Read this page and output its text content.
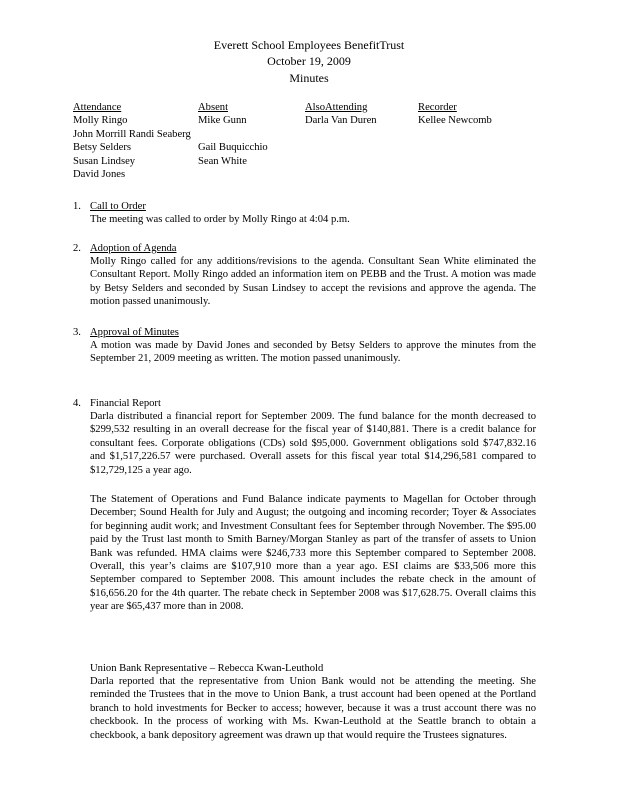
Everett School Employees BenefitTrust
October 19, 2009
Minutes
Attendance
Molly Ringo
John Morrill Randi Seaberg
Betsy Selders
Susan Lindsey
David Jones
Absent
Mike Gunn

Gail Buquicchio
Sean White
AlsoAttending
Darla Van Duren
Recorder
Kellee Newcomb
1. Call to Order
The meeting was called to order by Molly Ringo at 4:04 p.m.
2. Adoption of Agenda
Molly Ringo called for any additions/revisions to the agenda. Consultant Sean White eliminated the Consultant Report. Molly Ringo added an information item on PEBB and the Trust. A motion was made by Betsy Selders and seconded by Susan Lindsey to accept the revisions and approve the agenda. The motion passed unanimously.
3. Approval of Minutes
A motion was made by David Jones and seconded by Betsy Selders to approve the minutes from the September 21, 2009 meeting as written. The motion passed unanimously.
4. Financial Report
Darla distributed a financial report for September 2009. The fund balance for the month decreased to $299,532 resulting in an overall decrease for the fiscal year of $140,881. There is a credit balance for consultant fees. Corporate obligations (CDs) sold $95,000. Government obligations sold $747,832.16 and $1,517,226.57 were purchased. Overall assets for this fiscal year total $14,296,581 compared to $12,729,125 a year ago.
The Statement of Operations and Fund Balance indicate payments to Magellan for October through December; Sound Health for July and August; the outgoing and incoming recorder; Toyer & Associates for beginning audit work; and Investment Consultant fees for September through November. The $95.00 paid by the Trust last month to Smith Barney/Morgan Stanley as part of the transfer of assets to Union Bank was refunded. HMA claims were $246,733 more this September compared to September 2008. Overall, this year’s claims are $107,910 more than a year ago. ESI claims are $33,506 more this September compared to September 2008. This amount includes the rebate check in the amount of $16,656.20 for the 4th quarter. The rebate check in September 2008 was $17,628.75. Overall claims this year are $65,437 more than in 2008.
Union Bank Representative – Rebecca Kwan-Leuthold
Darla reported that the representative from Union Bank would not be attending the meeting. She reminded the Trustees that in the move to Union Bank, a trust account had been opened at the Portland branch to hold investments for Becker to access; however, because it was a trust account there was no checkbook. In the process of working with Ms. Kwan-Leuthold at the Seattle branch to obtain a checkbook, a bank depository agreement was drawn up that would require the Trustees signatures.
